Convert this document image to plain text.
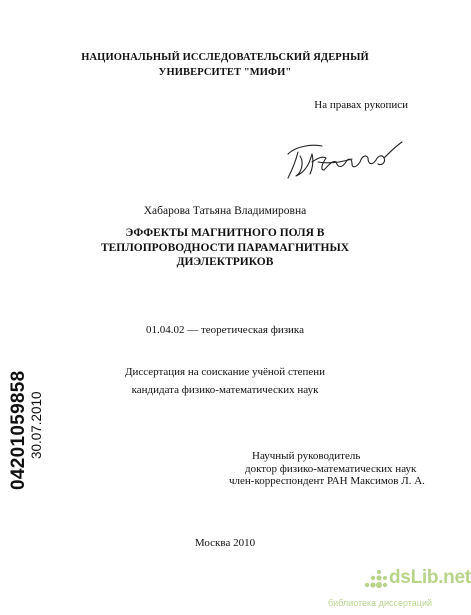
НАЦИОНАЛЬНЫЙ ИССЛЕДОВАТЕЛЬСКИЙ ЯДЕРНЫЙ
УНИВЕРСИТЕТ "МИФИ"
На правах рукописи
Хабарова Татьяна Владимировна
ЭФФЕКТЫ МАГНИТНОГО ПОЛЯ В
ТЕПЛОПРОВОДНОСТИ ПАРАМАГНИТНЫХ
ДИЭЛЕКТРИКОВ
01.04.02 — теоретическая физика
Диссертация на соискание учёной степени
кандидата физико-математических наук
Научный руководитель
доктор физико-математических наук
член-корреспондент РАН Максимов Л. А.
Москва 2010
04201059858 30.07.2010
dsLib.net
библиотека диссертаций
